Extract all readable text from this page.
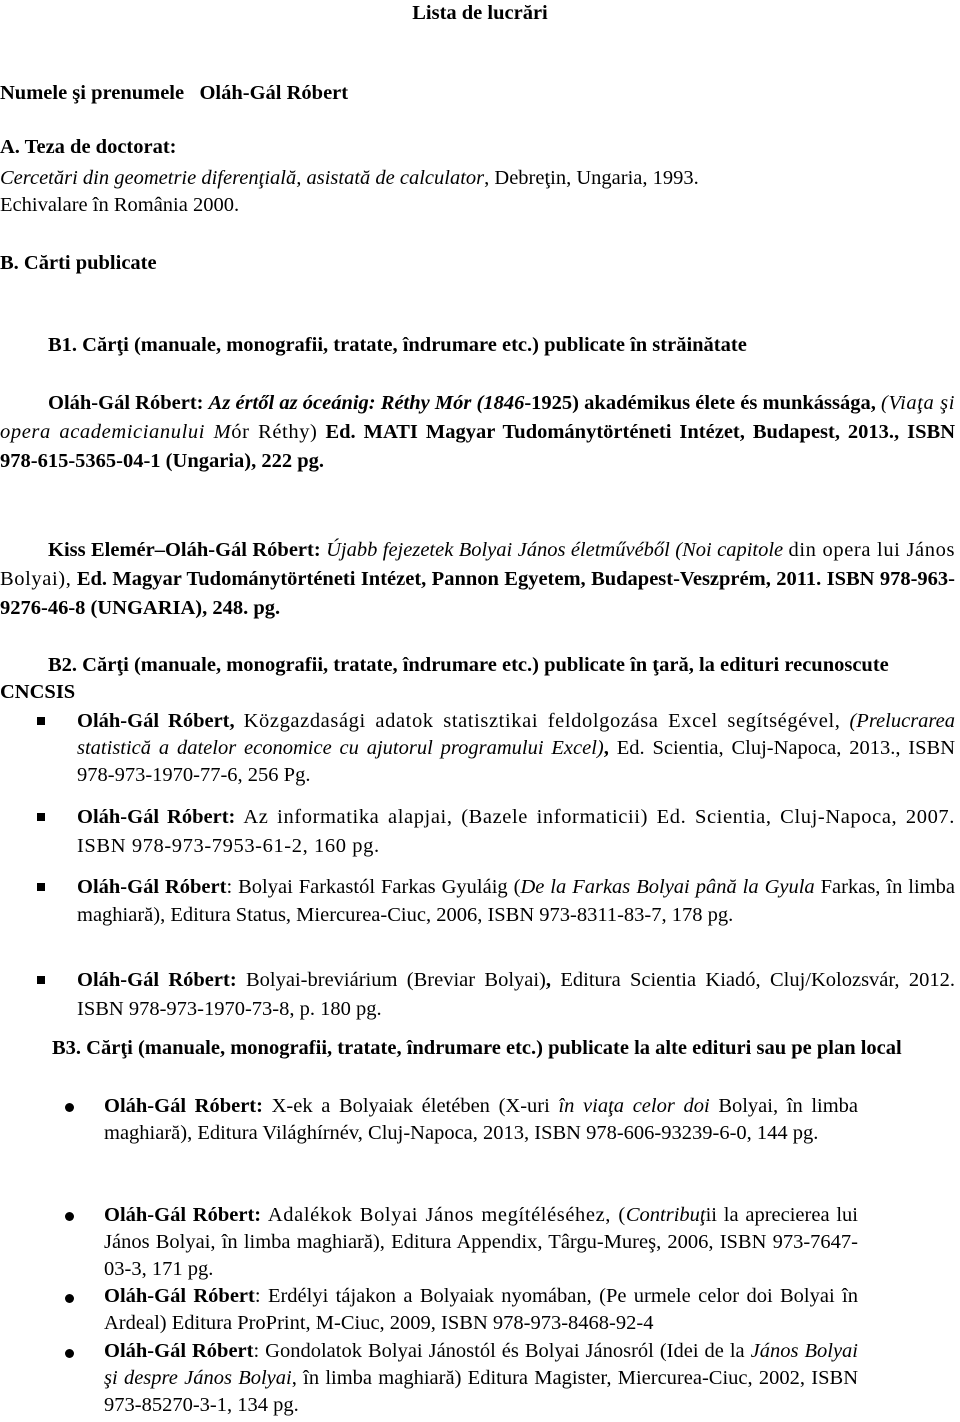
Lista de lucrări
Numele şi prenumele Oláh-Gál Róbert
A. Teza de doctorat:
Cercetări din geometrie diferenţială, asistată de calculator, Debreţin, Ungaria, 1993.
Echivalare în România 2000.
B. Cărti publicate
B1. Cărţi (manuale, monografii, tratate, îndrumare etc.) publicate în străinătate
Oláh-Gál Róbert: Az értől az óceánig: Réthy Mór (1846-1925) akadémikus élete és munkássága, (Viaţa şi opera academicianului Mór Réthy) Ed. MATI Magyar Tudománytörténeti Intézet, Budapest, 2013., ISBN 978-615-5365-04-1 (Ungaria), 222 pg.
Kiss Elemér–Oláh-Gál Róbert: Újabb fejezetek Bolyai János életművéből (Noi capitole din opera lui János Bolyai), Ed. Magyar Tudománytörténeti Intézet, Pannon Egyetem, Budapest-Veszprém, 2011. ISBN 978-963-9276-46-8 (UNGARIA), 248. pg.
B2. Cărţi (manuale, monografii, tratate, îndrumare etc.) publicate în ţară, la edituri recunoscute CNCSIS
Oláh-Gál Róbert, Közgazdasági adatok statisztikai feldolgozása Excel segítségével, (Prelucrarea statistică a datelor economice cu ajutorul programului Excel), Ed. Scientia, Cluj-Napoca, 2013., ISBN 978-973-1970-77-6, 256 Pg.
Oláh-Gál Róbert: Az informatika alapjai, (Bazele informaticii) Ed. Scientia, Cluj-Napoca, 2007. ISBN 978-973-7953-61-2, 160 pg.
Oláh-Gál Róbert: Bolyai Farkastól Farkas Gyuláig (De la Farkas Bolyai până la Gyula Farkas, în limba maghiară), Editura Status, Miercurea-Ciuc, 2006, ISBN 973-8311-83-7, 178 pg.
Oláh-Gál Róbert: Bolyai-breviárium (Breviar Bolyai), Editura Scientia Kiadó, Cluj/Kolozsvár, 2012. ISBN 978-973-1970-73-8, p. 180 pg.
B3. Cărţi (manuale, monografii, tratate, îndrumare etc.) publicate la alte edituri sau pe plan local
Oláh-Gál Róbert: X-ek a Bolyaiak életében (X-uri în viaţa celor doi Bolyai, în limba maghiară), Editura Világhírnév, Cluj-Napoca, 2013, ISBN 978-606-93239-6-0, 144 pg.
Oláh-Gál Róbert: Adalékok Bolyai János megítéléséhez, (Contribuţii la aprecierea lui János Bolyai, în limba maghiară), Editura Appendix, Târgu-Mureş, 2006, ISBN 973-7647-03-3, 171 pg.
Oláh-Gál Róbert: Erdélyi tájakon a Bolyaiak nyomában, (Pe urmele celor doi Bolyai în Ardeal) Editura ProPrint, M-Ciuc, 2009, ISBN 978-973-8468-92-4
Oláh-Gál Róbert: Gondolatok Bolyai Jánostól és Bolyai Jánosról (Idei de la János Bolyai şi despre János Bolyai, în limba maghiară) Editura Magister, Miercurea-Ciuc, 2002, ISBN 973-85270-3-1, 134 pg.
